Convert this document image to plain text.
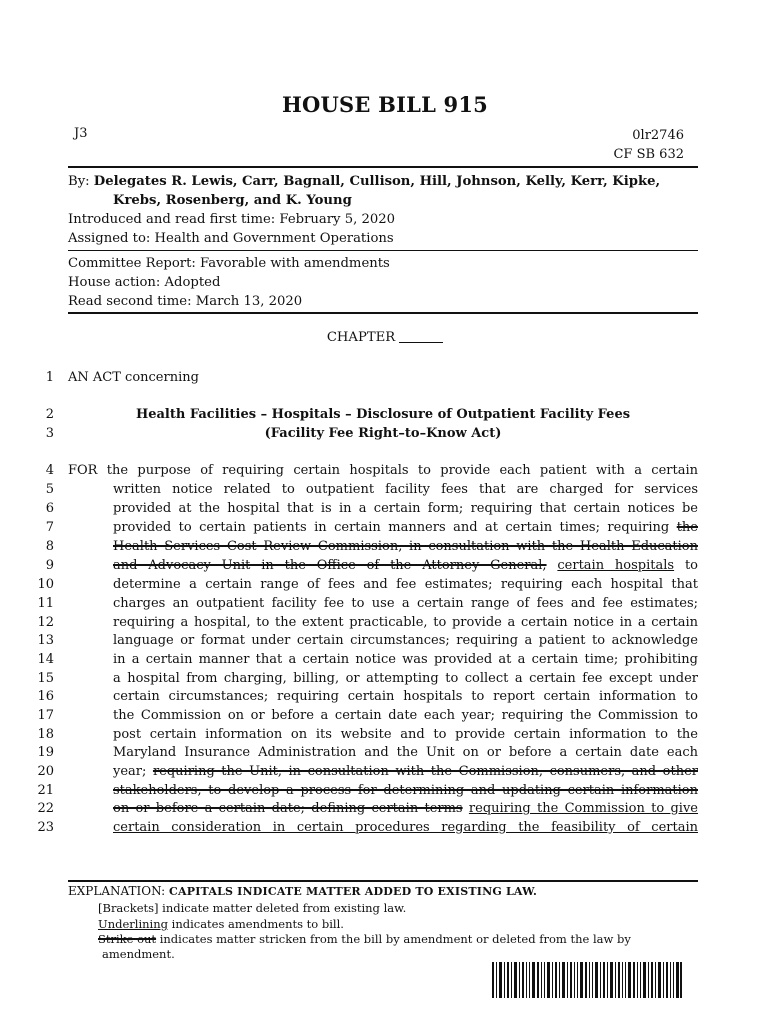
HOUSE BILL 915
J3	0lr2746
CF SB 632
By: Delegates R. Lewis, Carr, Bagnall, Cullison, Hill, Johnson, Kelly, Kerr, Kipke,
Krebs, Rosenberg, and K. Young
Introduced and read first time: February 5, 2020
Assigned to: Health and Government Operations
Committee Report: Favorable with amendments
House action: Adopted
Read second time: March 13, 2020
CHAPTER
1
2
3
4
5
6
7
8
9
10
11
12
13
14
15
16
17
18
19
20
21
22
23
AN ACT concerning
Health Facilities – Hospitals – Disclosure of Outpatient Facility Fees
(Facility Fee Right–to–Know Act)
FOR the purpose of requiring certain hospitals to provide each patient with a certain
written notice related to outpatient facility fees that are charged for services
provided at the hospital that is in a certain form; requiring that certain notices be
provided to certain patients in certain manners and at certain times; requiring the
Health Services Cost Review Commission, in consultation with the Health Education
and Advocacy Unit in the Office of the Attorney General, certain hospitals to
determine a certain range of fees and fee estimates; requiring each hospital that
charges an outpatient facility fee to use a certain range of fees and fee estimates;
requiring a hospital, to the extent practicable, to provide a certain notice in a certain
language or format under certain circumstances; requiring a patient to acknowledge
in a certain manner that a certain notice was provided at a certain time; prohibiting
a hospital from charging, billing, or attempting to collect a certain fee except under
certain circumstances; requiring certain hospitals to report certain information to
the Commission on or before a certain date each year; requiring the Commission to
post certain information on its website and to provide certain information to the
Maryland Insurance Administration and the Unit on or before a certain date each
year; requiring the Unit, in consultation with the Commission, consumers, and other
stakeholders, to develop a process for determining and updating certain information
on or before a certain date; defining certain terms requiring the Commission to give
certain consideration in certain procedures regarding the feasibility of certain
EXPLANATION: CAPITALS INDICATE MATTER ADDED TO EXISTING LAW.
[Brackets] indicate matter deleted from existing law.
Underlining indicates amendments to bill.
Strike out indicates matter stricken from the bill by amendment or deleted from the law by
amendment.
